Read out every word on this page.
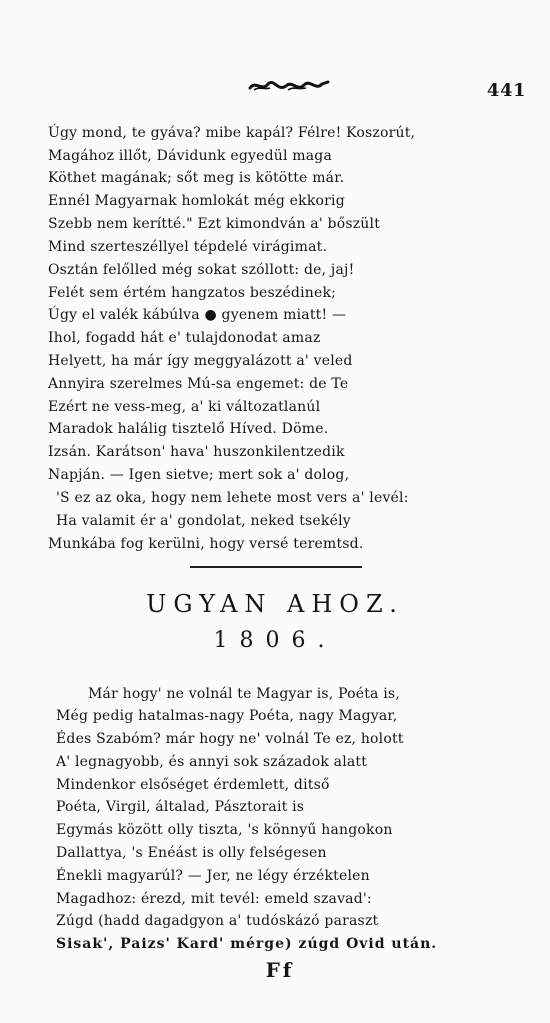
441
Úgy mond, te gyáva? mibe kapál? Félre! Koszorút,
Magához illőt, Dávidunk egyedül maga
Köthet magának; sőt meg is kötötte már.
Ennél Magyarnak homlokát még ekkorig
Szebb nem kerítté." Ezt kimondván a' bőszült
Mind szerteszéllyel tépdelé virágimat.
Osztán felőlled még sokat szóllott: de, jaj!
Felét sem értém hangzatos beszédinek;
Úgy el valék kábúlva ● gyenem miatt! —
Ihol, fogadd hát e' tulajdonodat amaz
Helyett, ha már így meggyalázott a' veled
Annyira szerelmes Mú-sa engemet: de Te
Ezért ne vess-meg, a' ki változatlanúl
Maradok halálig tisztelő Híved. Döme.
Izsán. Karátson' hava' huszonkilentzedik
Napján. — Igen sietve; mert sok a' dolog,
'S ez az oka, hogy nem lehete most vers a' levél:
Ha valamit ér a' gondolat, neked tsekély
Munkába fog kerülni, hogy versé teremtsd.
UGYAN AHOZ.
1806.
Már hogy' ne volnál te Magyar is, Poéta is,
Még pedig hatalmas-nagy Poéta, nagy Magyar,
Édes Szabóm? már hogy ne' volnál Te ez, holott
A' legnagyobb, és annyi sok századok alatt
Mindenkor elsőséget érdemlett, ditső
Poéta, Virgil, általad, Pásztorait is
Egymás között olly tiszta, 's könnyű hangokon
Dallattya, 's Enéást is olly felségesen
Énekli magyarúl? — Jer, ne légy érzéktelen
Magadhoz: érezd, mit tevél: emeld szavad':
Zúgd (hadd dagadgyon a' tudóskázó paraszt
Sisak', Paizs' Kard' mérge) zúgd Ovid után.
Ff
